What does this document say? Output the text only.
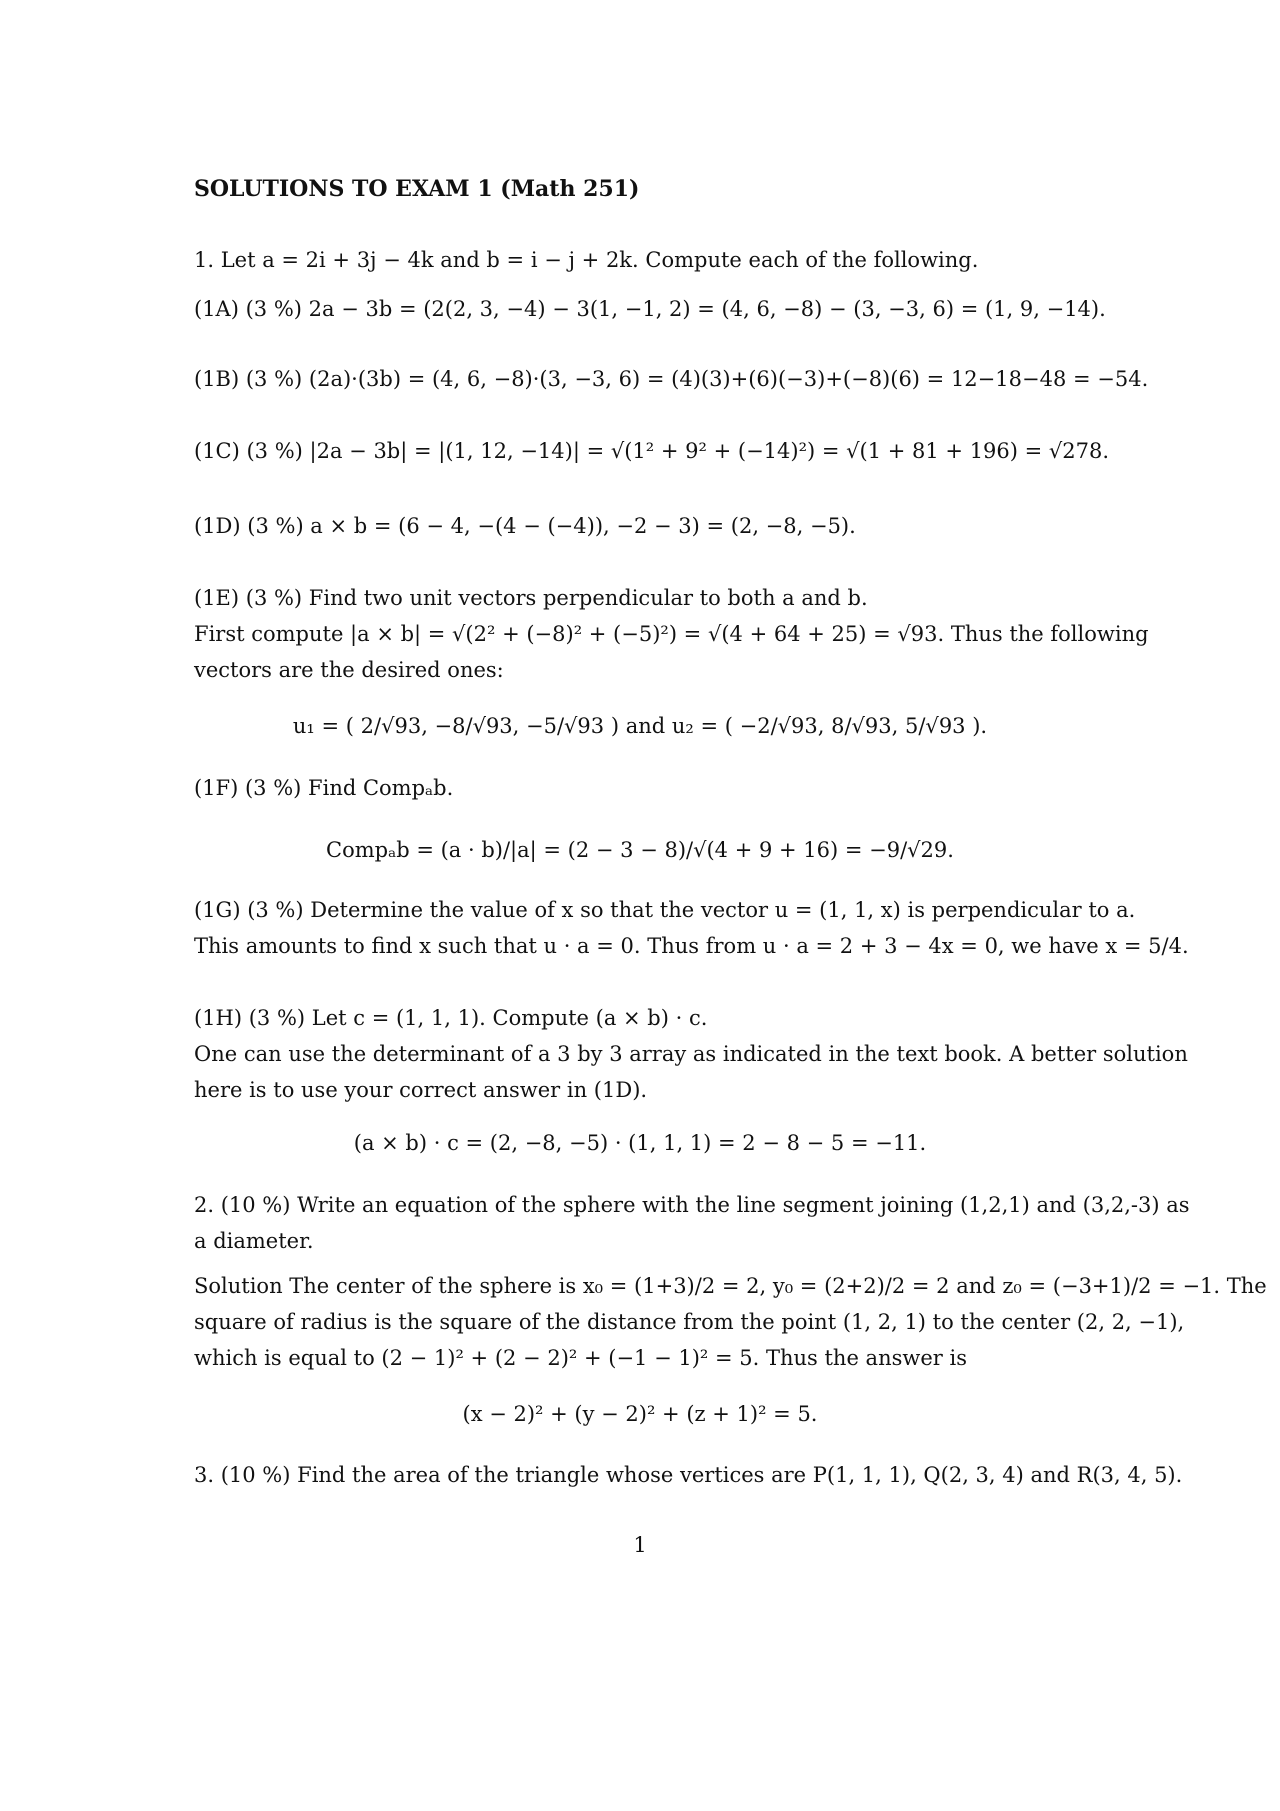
SOLUTIONS TO EXAM 1 (Math 251)
1. Let a = 2i + 3j − 4k and b = i − j + 2k. Compute each of the following.
(1A) (3 %) 2a − 3b = (2(2, 3, −4) − 3(1, −1, 2) = (4, 6, −8) − (3, −3, 6) = (1, 9, −14).
(1B) (3 %) (2a)·(3b) = (4, 6, −8)·(3, −3, 6) = (4)(3)+(6)(−3)+(−8)(6) = 12−18−48 = −54.
(1C) (3 %) |2a − 3b| = |(1, 12, −14)| = √(1² + 9² + (−14)²) = √(1 + 81 + 196) = √278.
(1D) (3 %) a × b = (6 − 4, −(4 − (−4)), −2 − 3) = (2, −8, −5).
(1E) (3 %) Find two unit vectors perpendicular to both a and b.
First compute |a × b| = √(2² + (−8)² + (−5)²) = √(4 + 64 + 25) = √93. Thus the following
vectors are the desired ones:
u₁ = ( 2/√93, −8/√93, −5/√93 ) and u₂ = ( −2/√93, 8/√93, 5/√93 ).
(1F) (3 %) Find Compₐb.
Compₐb = (a · b)/|a| = (2 − 3 − 8)/√(4 + 9 + 16) = −9/√29.
(1G) (3 %) Determine the value of x so that the vector u = (1, 1, x) is perpendicular to a.
This amounts to find x such that u · a = 0. Thus from u · a = 2 + 3 − 4x = 0, we have x = 5/4.
(1H) (3 %) Let c = (1, 1, 1). Compute (a × b) · c.
One can use the determinant of a 3 by 3 array as indicated in the text book. A better solution
here is to use your correct answer in (1D).
(a × b) · c = (2, −8, −5) · (1, 1, 1) = 2 − 8 − 5 = −11.
2. (10 %) Write an equation of the sphere with the line segment joining (1,2,1) and (3,2,-3) as
a diameter.
Solution The center of the sphere is x₀ = (1+3)/2 = 2, y₀ = (2+2)/2 = 2 and z₀ = (−3+1)/2 = −1. The
square of radius is the square of the distance from the point (1, 2, 1) to the center (2, 2, −1),
which is equal to (2 − 1)² + (2 − 2)² + (−1 − 1)² = 5. Thus the answer is
(x − 2)² + (y − 2)² + (z + 1)² = 5.
3. (10 %) Find the area of the triangle whose vertices are P(1, 1, 1), Q(2, 3, 4) and R(3, 4, 5).
1
